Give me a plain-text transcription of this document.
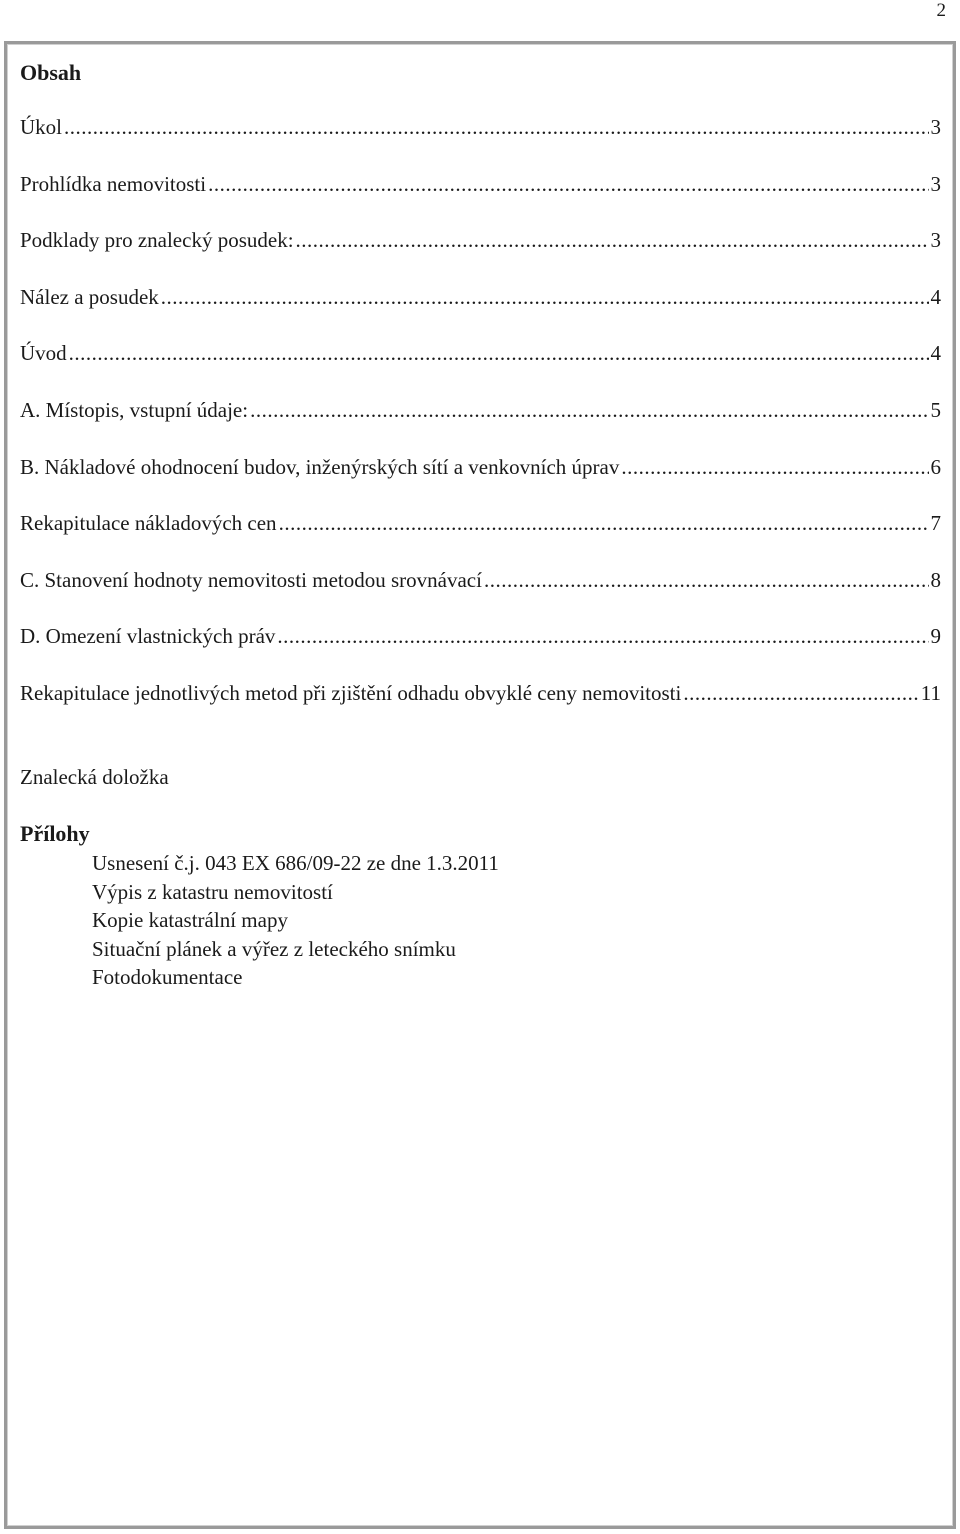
2
Obsah
Úkol .....	3
Prohlídka nemovitosti .....	3
Podklady pro znalecký posudek: .....	3
Nález a posudek .....	4
Úvod .....	4
A. Místopis, vstupní údaje: .....	5
B. Nákladové ohodnocení budov, inženýrských sítí a venkovních úprav .....	6
Rekapitulace nákladových cen .....	7
C. Stanovení hodnoty nemovitosti metodou srovnávací .....	8
D. Omezení vlastnických práv .....	9
Rekapitulace jednotlivých metod při zjištění odhadu obvyklé ceny nemovitosti .....	11
Znalecká doložka
Přílohy
Usnesení č.j. 043 EX 686/09-22 ze dne 1.3.2011
Výpis z katastru nemovitostí
Kopie katastrální mapy
Situační plánek a výřez z leteckého snímku
Fotodokumentace
